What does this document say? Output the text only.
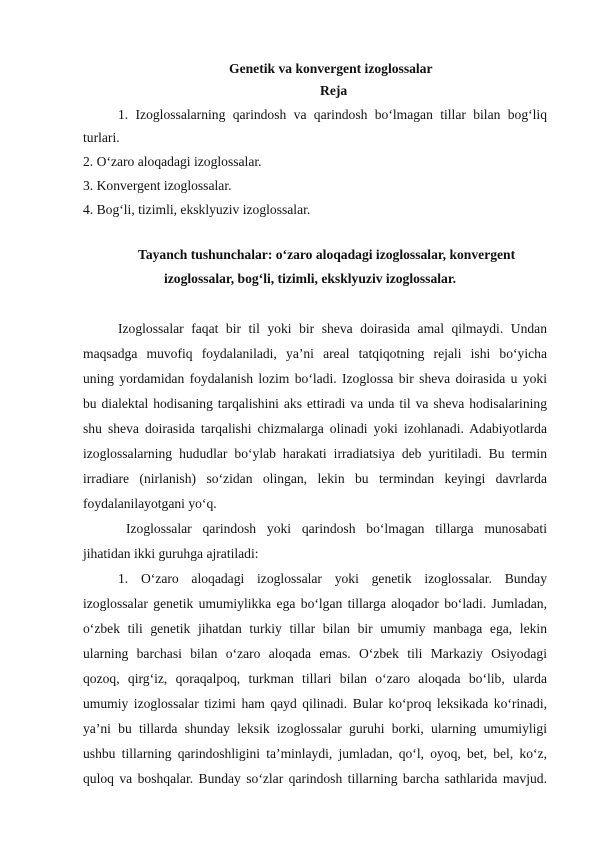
Genetik va konvergent izoglossalar
Reja
1. Izoglossalarning qarindosh va qarindosh bo‘lmagan tillar bilan bog‘liq
turlari.
2. O‘zaro aloqadagi izoglossalar.
3. Konvergent izoglossalar.
4. Bog‘li, tizimli, eksklyuziv izoglossalar.
Tayanch tushunchalar: o‘zaro aloqadagi izoglossalar, konvergent
izoglossalar, bog‘li, tizimli, eksklyuziv izoglossalar.
Izoglossalar faqat bir til yoki bir sheva doirasida amal qilmaydi. Undan
maqsadga muvofiq foydalaniladi, ya’ni areal tatqiqotning rejali ishi bo‘yicha
uning yordamidan foydalanish lozim bo‘ladi. Izoglossa bir sheva doirasida u yoki
bu dialektal hodisaning tarqalishini aks ettiradi va unda til va sheva hodisalarining
shu sheva doirasida tarqalishi chizmalarga olinadi yoki izohlanadi. Adabiyotlarda
izoglossalarning hududlar bo‘ylab harakati irradiatsiya deb yuritiladi. Bu termin
irradiare (nirlanish) so‘zidan olingan, lekin bu termindan keyingi davrlarda
foydalanilayotgani yo‘q.
Izoglossalar qarindosh yoki qarindosh bo‘lmagan tillarga munosabati
jihatidan ikki guruhga ajratiladi:
1. O‘zaro aloqadagi izoglossalar yoki genetik izoglossalar. Bunday
izoglossalar genetik umumiylikka ega bo‘lgan tillarga aloqador bo‘ladi. Jumladan,
o‘zbek tili genetik jihatdan turkiy tillar bilan bir umumiy manbaga ega, lekin
ularning barchasi bilan o‘zaro aloqada emas. O‘zbek tili Markaziy Osiyodagi
qozoq, qirg‘iz, qoraqalpoq, turkman tillari bilan o‘zaro aloqada bo‘lib, ularda
umumiy izoglossalar tizimi ham qayd qilinadi. Bular ko‘proq leksikada ko‘rinadi,
ya’ni bu tillarda shunday leksik izoglossalar guruhi borki, ularning umumiyligi
ushbu tillarning qarindoshligini ta’minlaydi, jumladan, qo‘l, oyoq, bet, bel, ko‘z,
quloq va boshqalar. Bunday so‘zlar qarindosh tillarning barcha sathlarida mavjud.
